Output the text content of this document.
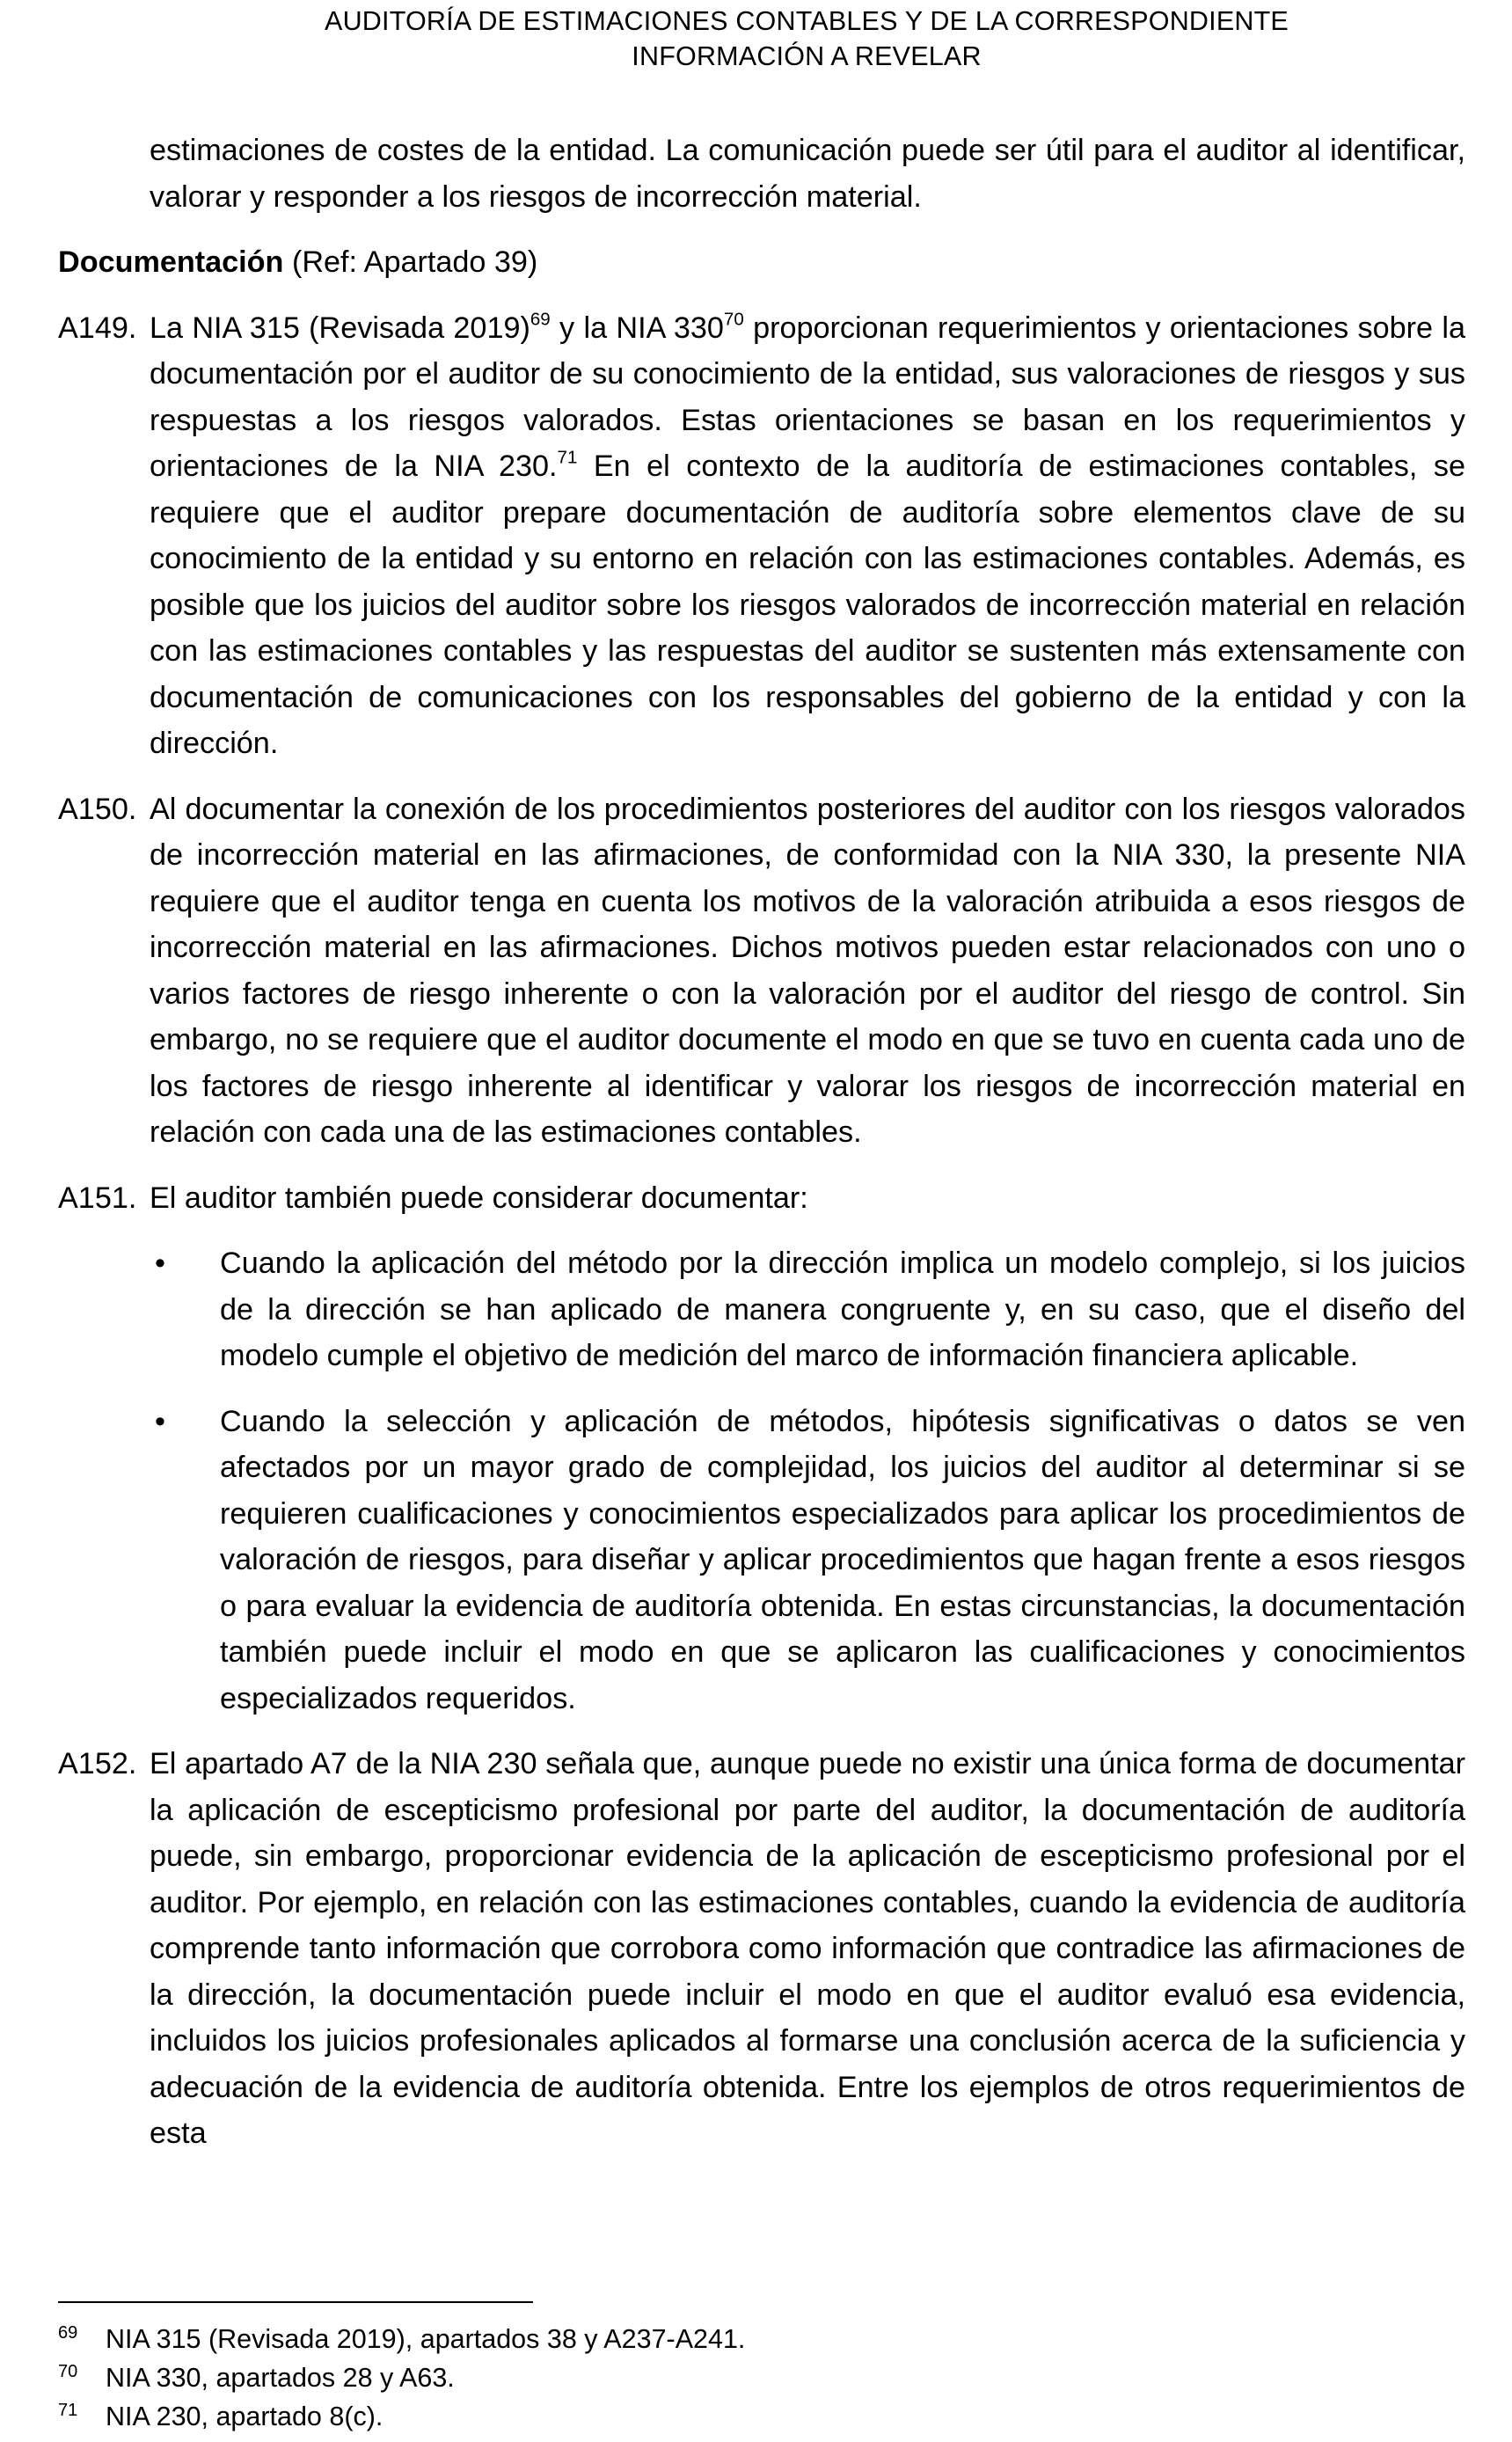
AUDITORÍA DE ESTIMACIONES CONTABLES Y DE LA CORRESPONDIENTE
INFORMACIÓN A REVELAR

estimaciones de costes de la entidad. La comunicación puede ser útil para el auditor al identificar, valorar y responder a los riesgos de incorrección material.

Documentación (Ref: Apartado 39)

A149. La NIA 315 (Revisada 2019)$^{69}$ y la NIA $330^{70}$ proporcionan requerimientos y orientaciones sobre la documentación por el auditor de su conocimiento de la entidad, sus valoraciones de riesgos y sus respuestas a los riesgos valorados. Estas orientaciones se basan en los requerimientos y orientaciones de la NIA 230.71 En el contexto de la auditoría de estimaciones contables, se requiere que el auditor prepare documentación de auditoría sobre elementos clave de su conocimiento de la entidad y su entorno en relación con las estimaciones contables. Además, es posible que los juicios del auditor sobre los riesgos valorados de incorrección material en relación con las estimaciones contables y las respuestas del auditor se sustenten más extensamente con documentación de comunicaciones con los responsables del gobierno de la entidad y con la dirección.
A150. Al documentar la conexión de los procedimientos posteriores del auditor con los riesgos valorados de incorrección material en las afirmaciones, de conformidad con la NIA 330, la presente NIA requiere que el auditor tenga en cuenta los motivos de la valoración atribuida a esos riesgos de incorrección material en las afirmaciones. Dichos motivos pueden estar relacionados con uno o varios factores de riesgo inherente o con la valoración por el auditor del riesgo de control. Sin embargo, no se requiere que el auditor documente el modo en que se tuvo en cuenta cada uno de los factores de riesgo inherente al identificar y valorar los riesgos de incorrección material en relación con cada una de las estimaciones contables.
A151. El auditor también puede considerar documentar:
•	Cuando la aplicación del método por la dirección implica un modelo complejo, si los juicios de la dirección se han aplicado de manera congruente y, en su caso, que el diseño del modelo cumple el objetivo de medición del marco de información financiera aplicable.
•	Cuando la selección y aplicación de métodos, hipótesis significativas o datos se ven afectados por un mayor grado de complejidad, los juicios del auditor al determinar si se requieren cualificaciones y conocimientos especializados para aplicar los procedimientos de valoración de riesgos, para diseñar y aplicar procedimientos que hagan frente a esos riesgos o para evaluar la evidencia de auditoría obtenida. En estas circunstancias, la documentación también puede incluir el modo en que se aplicaron las cualificaciones y conocimientos especializados requeridos.
A152. El apartado A7 de la NIA 230 señala que, aunque puede no existir una única forma de documentar la aplicación de escepticismo profesional por parte del auditor, la documentación de auditoría puede, sin embargo, proporcionar evidencia de la aplicación de escepticismo profesional por el auditor. Por ejemplo, en relación con las estimaciones contables, cuando la evidencia de auditoría comprende tanto información que corrobora como información que contradice las afirmaciones de la dirección, la documentación puede incluir el modo en que el auditor evaluó esa evidencia, incluidos los juicios profesionales aplicados al formarse una conclusión acerca de la suficiencia y adecuación de la evidencia de auditoría obtenida. Entre los ejemplos de otros requerimientos de esta
69	NIA 315 (Revisada 2019), apartados 38 y A237-A241.
70	NIA 330, apartados 28 y A63.
71	NIA 230, apartado 8(c).
